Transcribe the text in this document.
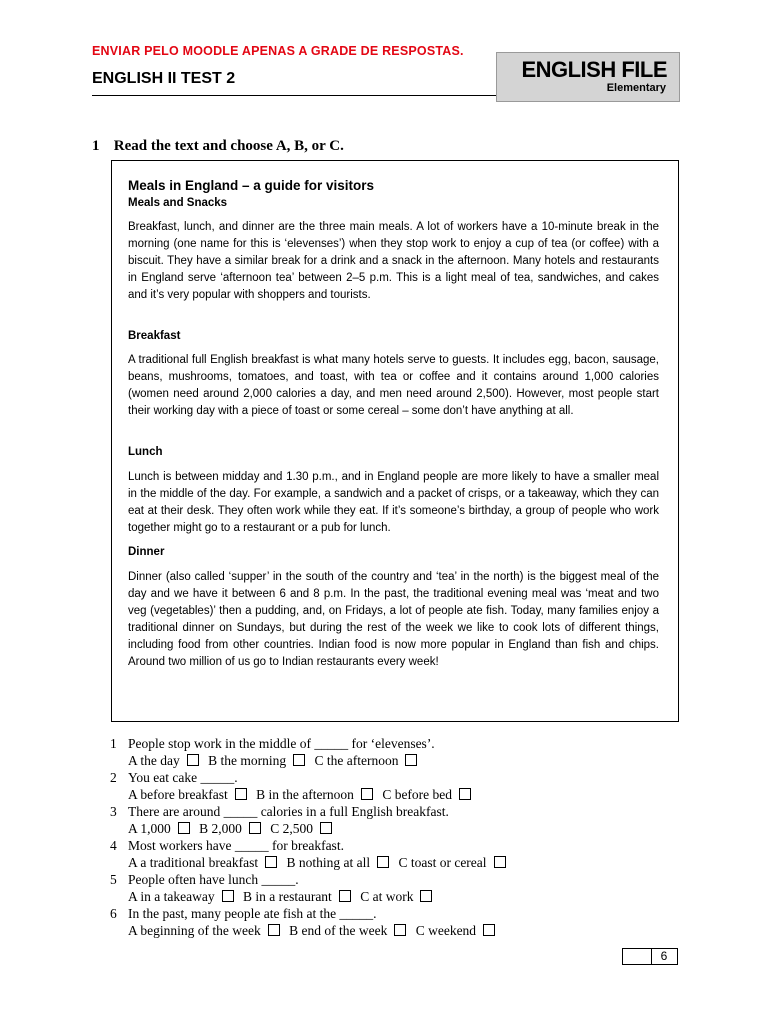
ENVIAR PELO MOODLE APENAS A GRADE DE RESPOSTAS.
ENGLISH II TEST 2	ENGLISH FILE
Elementary
1 Read the text and choose A, B, or C.
Meals in England – a guide for visitors
Meals and Snacks
Breakfast, lunch, and dinner are the three main meals. A lot of workers have a 10-minute break in the morning (one name for this is ‘elevenses’) when they stop work to enjoy a cup of tea (or coffee) with a biscuit. They have a similar break for a drink and a snack in the afternoon. Many hotels and restaurants in England serve ‘afternoon tea’ between 2–5 p.m. This is a light meal of tea, sandwiches, and cakes and it’s very popular with shoppers and tourists.
Breakfast
A traditional full English breakfast is what many hotels serve to guests. It includes egg, bacon, sausage, beans, mushrooms, tomatoes, and toast, with tea or coffee and it contains around 1,000 calories (women need around 2,000 calories a day, and men need around 2,500). However, most people start their working day with a piece of toast or some cereal – some don’t have anything at all.
Lunch
Lunch is between midday and 1.30 p.m., and in England people are more likely to have a smaller meal in the middle of the day. For example, a sandwich and a packet of crisps, or a takeaway, which they can eat at their desk. They often work while they eat. If it’s someone’s birthday, a group of people who work together might go to a restaurant or a pub for lunch.
Dinner
Dinner (also called ‘supper’ in the south of the country and ‘tea’ in the north) is the biggest meal of the day and we have it between 6 and 8 p.m. In the past, the traditional evening meal was ‘meat and two veg (vegetables)’ then a pudding, and, on Fridays, a lot of people ate fish. Today, many families enjoy a traditional dinner on Sundays, but during the rest of the week we like to cook lots of different things, including food from other countries. Indian food is now more popular in England than fish and chips. Around two million of us go to Indian restaurants every week!
1 People stop work in the middle of _____ for ‘elevenses’.
A the day B the morning C the afternoon
2 You eat cake _____.
A before breakfast B in the afternoon C before bed
3 There are around _____ calories in a full English breakfast.
A 1,000 B 2,000 C 2,500
4 Most workers have _____ for breakfast.
A a traditional breakfast B nothing at all C toast or cereal
5 People often have lunch _____.
A in a takeaway B in a restaurant C at work
6 In the past, many people ate fish at the _____.
A beginning of the week B end of the week C weekend
6
